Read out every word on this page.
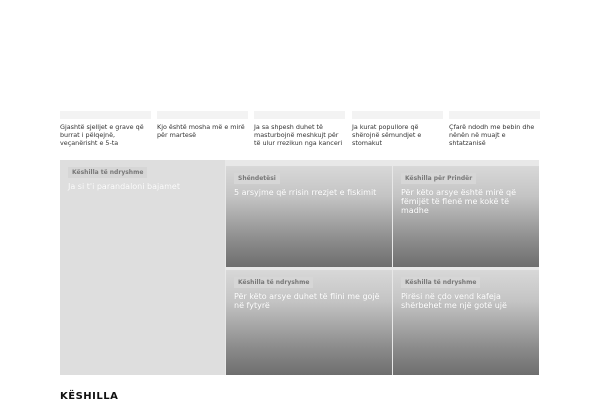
Gjashtë sjelljet e grave që burrat i pëlqejnë, veçanërisht e 5-ta
Kjo është mosha më e mirë për martesë
Ja sa shpesh duhet të masturbojnë meshkujt për të ulur rrezikun nga kanceri
Ja kurat popullore që shërojnë sëmundjet e stomakut
Çfarë ndodh me bebin dhe nënën në muajt e shtatzanisë
Këshilla të ndryshme
Ja si t'i parandaloni bajamet
Shëndetësi
5 arsyjme që rrisin rrezjet e fiskimit
Këshilla për Prindër
Për këto arsye është mirë që fëmijët të flenë me kokë të madhe
Këshilla të ndryshme
Për këto arsye duhet të flini me gojë në fytyrë
Këshilla të ndryshme
Pirësi në çdo vend kafeja shërbehet me një gotë ujë
KËSHILLA
